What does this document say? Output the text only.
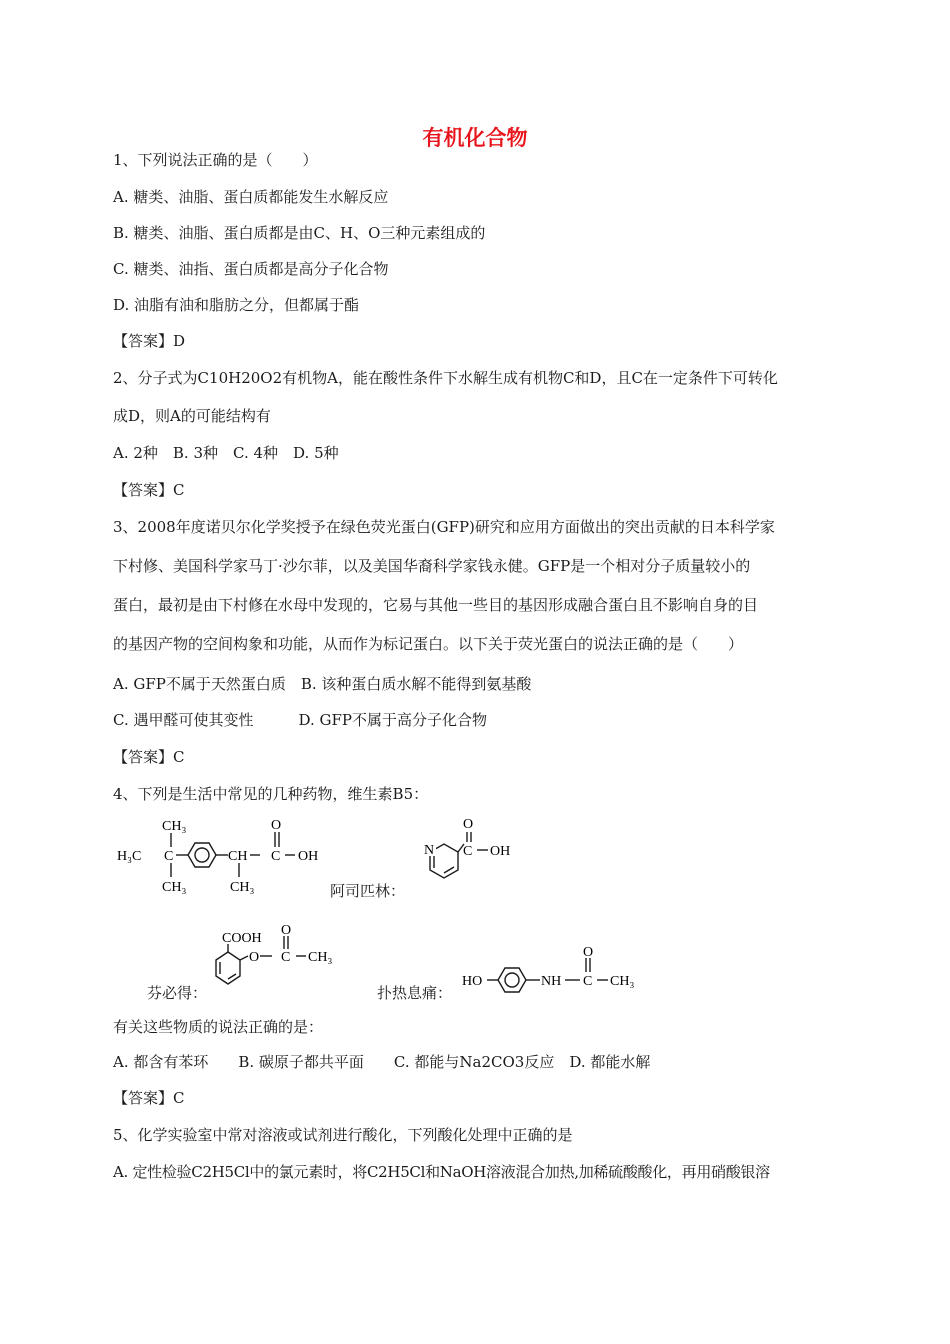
有机化合物
1、下列说法正确的是（　　）
A. 糖类、油脂、蛋白质都能发生水解反应
B. 糖类、油脂、蛋白质都是由C、H、O三种元素组成的
C. 糖类、油指、蛋白质都是高分子化合物
D. 油脂有油和脂肪之分，但都属于酯
【答案】D
2、分子式为C10H20O2有机物A，能在酸性条件下水解生成有机物C和D，且C在一定条件下可转化
成D，则A的可能结构有
A. 2种　B. 3种　C. 4种　D. 5种
【答案】C
3、2008年度诺贝尔化学奖授予在绿色荧光蛋白(GFP)研究和应用方面做出的突出贡献的日本科学家
下村修、美国科学家马丁·沙尔菲，以及美国华裔科学家钱永健。GFP是一个相对分子质量较小的
蛋白，最初是由下村修在水母中发现的，它易与其他一些目的基因形成融合蛋白且不影响自身的目
的基因产物的空间构象和功能，从而作为标记蛋白。以下关于荧光蛋白的说法正确的是（　　）
A. GFP不属于天然蛋白质　B. 该种蛋白质水解不能得到氨基酸
C. 遇甲醛可使其变性　　　D. GFP不属于高分子化合物
【答案】C
4、下列是生活中常见的几种药物，维生素B5：
H₃C C
CH₃
CH₃
CH
CH₃
O
C OH	N
O
C OH
阿司匹林：
COOH
O
O
C CH₃
芬必得：
HO	NH
O
C CH₃
扑热息痛：
有关这些物质的说法正确的是：
A. 都含有苯环　　B. 碳原子都共平面　　C. 都能与Na2CO3反应　D. 都能水解
【答案】C
5、化学实验室中常对溶液或试剂进行酸化，下列酸化处理中正确的是
A. 定性检验C2H5Cl中的氯元素时，将C2H5Cl和NaOH溶液混合加热,加稀硫酸酸化，再用硝酸银溶
